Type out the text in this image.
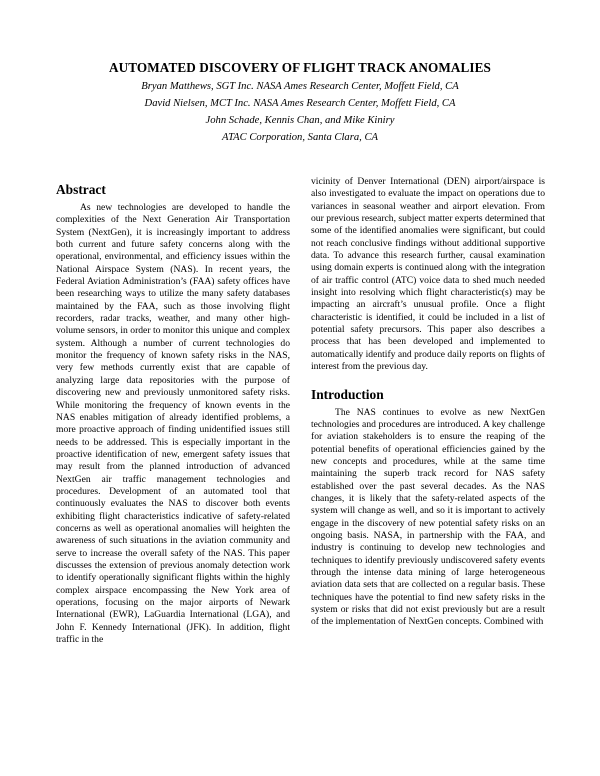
AUTOMATED DISCOVERY OF FLIGHT TRACK ANOMALIES
Bryan Matthews, SGT Inc. NASA Ames Research Center, Moffett Field, CA
David Nielsen, MCT Inc. NASA Ames Research Center, Moffett Field, CA
John Schade, Kennis Chan, and Mike Kiniry
ATAC Corporation, Santa Clara, CA
Abstract

As new technologies are developed to handle the complexities of the Next Generation Air Transportation System (NextGen), it is increasingly important to address both current and future safety concerns along with the operational, environmental, and efficiency issues within the National Airspace System (NAS). In recent years, the Federal Aviation Administration’s (FAA) safety offices have been researching ways to utilize the many safety databases maintained by the FAA, such as those involving flight recorders, radar tracks, weather, and many other high-volume sensors, in order to monitor this unique and complex system. Although a number of current technologies do monitor the frequency of known safety risks in the NAS, very few methods currently exist that are capable of analyzing large data repositories with the purpose of discovering new and previously unmonitored safety risks. While monitoring the frequency of known events in the NAS enables mitigation of already identified problems, a more proactive approach of finding unidentified issues still needs to be addressed. This is especially important in the proactive identification of new, emergent safety issues that may result from the planned introduction of advanced NextGen air traffic management technologies and procedures. Development of an automated tool that continuously evaluates the NAS to discover both events exhibiting flight characteristics indicative of safety-related concerns as well as operational anomalies will heighten the awareness of such situations in the aviation community and serve to increase the overall safety of the NAS. This paper discusses the extension of previous anomaly detection work to identify operationally significant flights within the highly complex airspace encompassing the New York area of operations, focusing on the major airports of Newark International (EWR), LaGuardia International (LGA), and John F. Kennedy International (JFK). In addition, flight traffic in the

vicinity of Denver International (DEN) airport/airspace is also investigated to evaluate the impact on operations due to variances in seasonal weather and airport elevation. From our previous research, subject matter experts determined that some of the identified anomalies were significant, but could not reach conclusive findings without additional supportive data. To advance this research further, causal examination using domain experts is continued along with the integration of air traffic control (ATC) voice data to shed much needed insight into resolving which flight characteristic(s) may be impacting an aircraft’s unusual profile. Once a flight characteristic is identified, it could be included in a list of potential safety precursors. This paper also describes a process that has been developed and implemented to automatically identify and produce daily reports on flights of interest from the previous day.

Introduction

The NAS continues to evolve as new NextGen technologies and procedures are introduced. A key challenge for aviation stakeholders is to ensure the reaping of the potential benefits of operational efficiencies gained by the new concepts and procedures, while at the same time maintaining the superb track record for NAS safety established over the past several decades. As the NAS changes, it is likely that the safety-related aspects of the system will change as well, and so it is important to actively engage in the discovery of new potential safety risks on an ongoing basis. NASA, in partnership with the FAA, and industry is continuing to develop new technologies and techniques to identify previously undiscovered safety events through the intense data mining of large heterogeneous aviation data sets that are collected on a regular basis. These techniques have the potential to find new safety risks in the system or risks that did not exist previously but are a result of the implementation of NextGen concepts. Combined with
